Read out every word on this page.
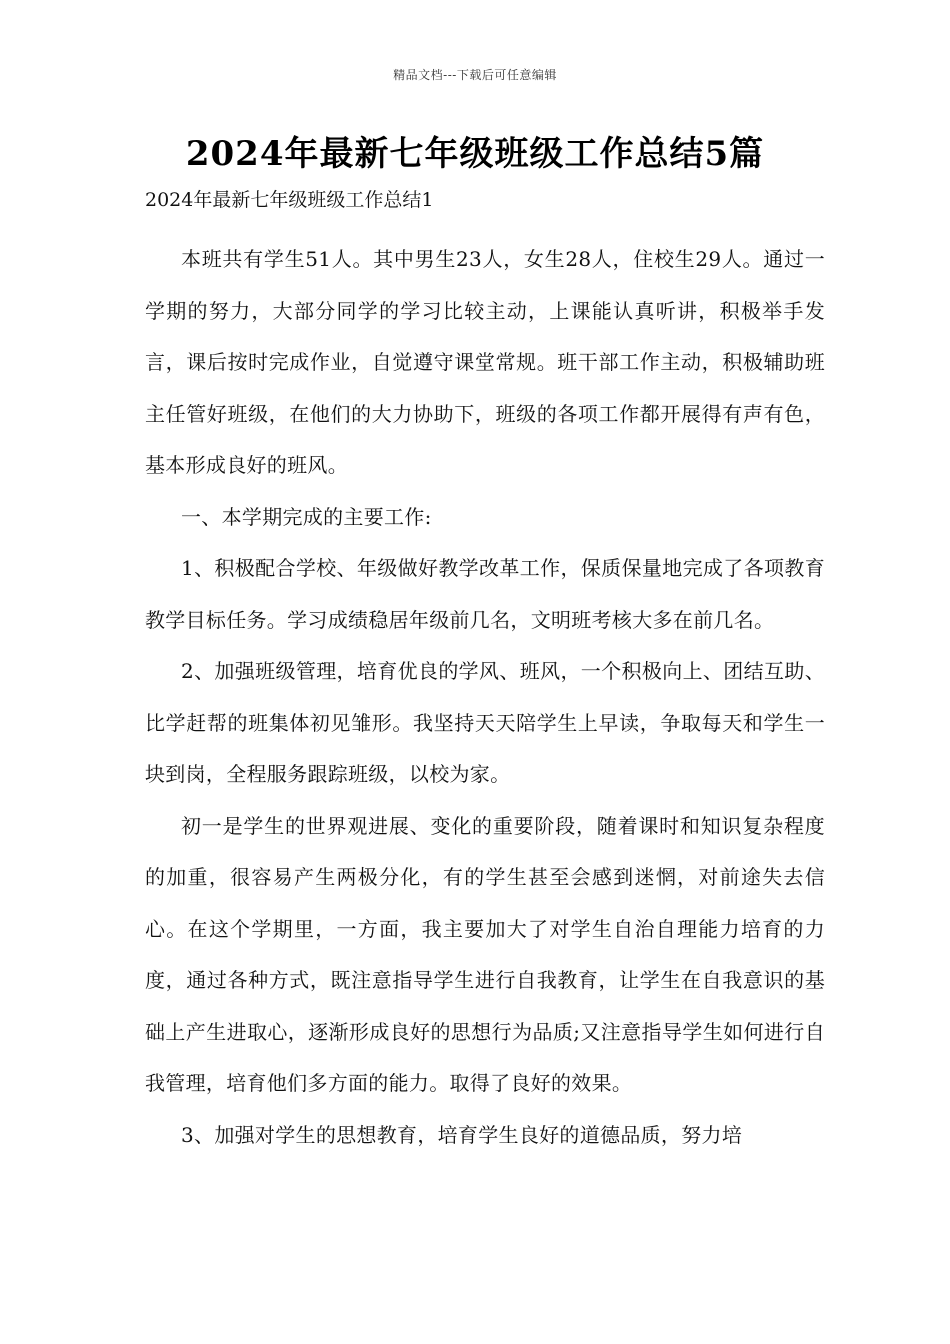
精品文档---下载后可任意编辑
2024年最新七年级班级工作总结5篇
2024年最新七年级班级工作总结1

本班共有学生51人。其中男生23人，女生28人，住校生29人。通过一学期的努力，大部分同学的学习比较主动，上课能认真听讲，积极举手发言，课后按时完成作业，自觉遵守课堂常规。班干部工作主动，积极辅助班主任管好班级，在他们的大力协助下，班级的各项工作都开展得有声有色，基本形成良好的班风。

一、本学期完成的主要工作:

1、积极配合学校、年级做好教学改革工作，保质保量地完成了各项教育教学目标任务。学习成绩稳居年级前几名，文明班考核大多在前几名。

2、加强班级管理，培育优良的学风、班风，一个积极向上、团结互助、比学赶帮的班集体初见雏形。我坚持天天陪学生上早读，争取每天和学生一块到岗，全程服务跟踪班级，以校为家。

初一是学生的世界观进展、变化的重要阶段，随着课时和知识复杂程度的加重，很容易产生两极分化，有的学生甚至会感到迷惘，对前途失去信心。在这个学期里，一方面，我主要加大了对学生自治自理能力培育的力度，通过各种方式，既注意指导学生进行自我教育，让学生在自我意识的基础上产生进取心，逐渐形成良好的思想行为品质;又注意指导学生如何进行自我管理，培育他们多方面的能力。取得了良好的效果。

3、加强对学生的思想教育，培育学生良好的道德品质，努力培
